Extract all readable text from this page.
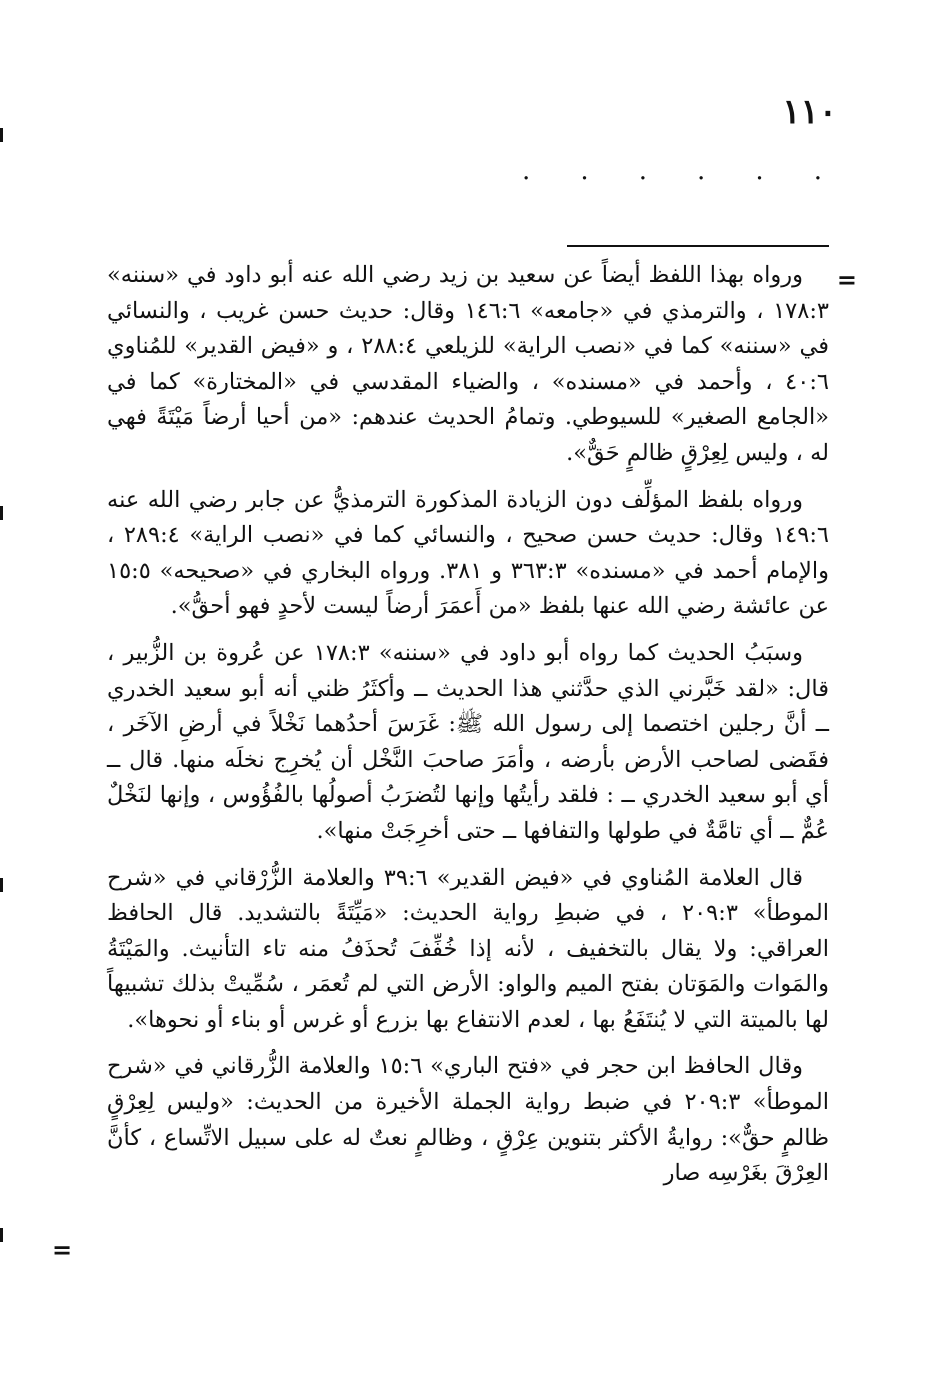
١١٠
.
.
.
.
.
.
=
=

ورواه بهذا اللفظ أيضاً عن سعيد بن زيد رضي الله عنه أبو داود في «سننه» ١٧٨:٣ ، والترمذي في «جامعه» ١٤٦:٦ وقال: حديث حسن غريب ، والنسائي في «سننه» كما في «نصب الراية» للزيلعي ٢٨٨:٤ ، و «فيض القدير» للمُناوي ٤٠:٦ ، وأحمد في «مسنده» ، والضياء المقدسي في «المختارة» كما في «الجامع الصغير» للسيوطي. وتمامُ الحديث عندهم: «من أحيا أرضاً مَيْتَةً فهي له ، وليس لِعِرْقٍ ظالمٍ حَقٌّ».

ورواه بلفظ المؤلِّف دون الزيادة المذكورة الترمذيُّ عن جابر رضي الله عنه ١٤٩:٦ وقال: حديث حسن صحيح ، والنسائي كما في «نصب الراية» ٢٨٩:٤ ، والإمام أحمد في «مسنده» ٣٦٣:٣ و ٣٨١. ورواه البخاري في «صحيحه» ١٥:٥ عن عائشة رضي الله عنها بلفظ «من أَعمَرَ أرضاً ليست لأحدٍ فهو أحقُّ».

وسبَبُ الحديث كما رواه أبو داود في «سننه» ١٧٨:٣ عن عُروة بن الزُّبير ، قال: «لقد خَبَّرني الذي حدَّثني هذا الحديث ــ وأكثَرُ ظني أنه أبو سعيد الخدري ــ أنَّ رجلين اختصما إلى رسول الله ﷺ: غَرَسَ أحدُهما نَخْلاً في أرضِ الآخَر ، فقَضى لصاحب الأرض بأرضه ، وأمَرَ صاحبَ النَّخْل أن يُخرِج نخلَه منها. قال ــ أي أبو سعيد الخدري ــ : فلقد رأيتُها وإنها لتُضرَبُ أصولُها بالفُؤُوس ، وإنها لنَخْلٌ عُمٌّ ــ أي تامَّةٌ في طولها والتفافها ــ حتى أخرِجَتْ منها».

قال العلامة المُناوي في «فيض القدير» ٣٩:٦ والعلامة الزُّرْقاني في «شرح الموطأ» ٢٠٩:٣ ، في ضبطِ رواية الحديث: «مَيِّتَةً بالتشديد. قال الحافظ العراقي: ولا يقال بالتخفيف ، لأنه إذا خُفِّفَ تُحذَفُ منه تاء التأنيث. والمَيْتَةُ والمَوات والمَوَتان بفتح الميم والواو: الأرض التي لم تُعمَر ، سُمِّيتْ بذلك تشبيهاً لها بالميتة التي لا يُنتَفَعُ بها ، لعدم الانتفاع بها بزرع أو غرس أو بناء أو نحوها».

وقال الحافظ ابن حجر في «فتح الباري» ١٥:٦ والعلامة الزُّرقاني في «شرح الموطأ» ٢٠٩:٣ في ضبط رواية الجملة الأخيرة من الحديث: «وليس لِعِرْقٍ ظالمٍ حقٌّ»: روايةُ الأكثر بتنوين عِرْقٍ ، وظالمٍ نعتٌ له على سبيل الاتِّساع ، كأنَّ العِرْقَ بغَرْسِه صار
